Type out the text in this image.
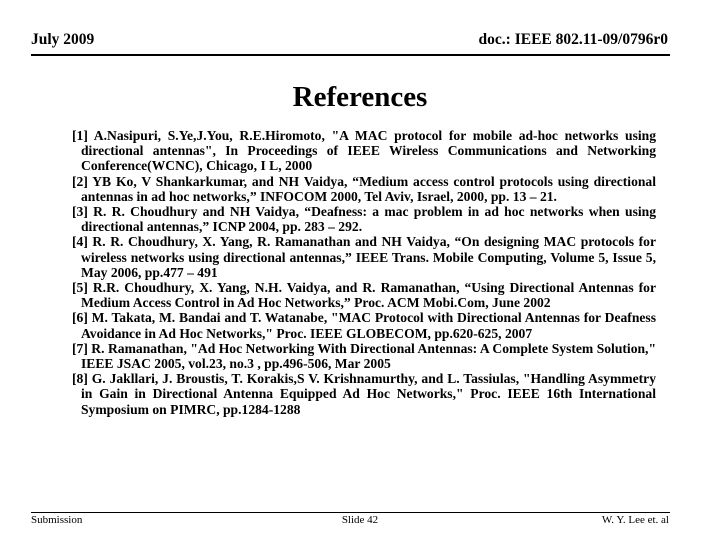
July 2009	doc.: IEEE 802.11-09/0796r0
References
[1] A.Nasipuri, S.Ye,J.You, R.E.Hiromoto, "A MAC protocol for mobile ad-hoc networks using directional antennas", In Proceedings of IEEE Wireless Communications and Networking Conference(WCNC), Chicago, I L, 2000
[2] YB Ko, V Shankarkumar, and NH Vaidya, “Medium access control protocols using directional antennas in ad hoc networks,” INFOCOM 2000, Tel Aviv, Israel, 2000, pp. 13 – 21.
[3] R. R. Choudhury and NH Vaidya, “Deafness: a mac problem in ad hoc networks when using directional antennas,” ICNP 2004, pp. 283 – 292.
[4] R. R. Choudhury, X. Yang, R. Ramanathan and NH Vaidya, “On designing MAC protocols for wireless networks using directional antennas,” IEEE Trans. Mobile Computing, Volume 5, Issue 5, May 2006, pp.477 – 491
[5] R.R. Choudhury, X. Yang, N.H. Vaidya, and R. Ramanathan, “Using Directional Antennas for Medium Access Control in Ad Hoc Networks,” Proc. ACM Mobi.Com, June 2002
[6] M. Takata, M. Bandai and T. Watanabe, "MAC Protocol with Directional Antennas for Deafness Avoidance in Ad Hoc Networks," Proc. IEEE GLOBECOM, pp.620-625, 2007
[7] R. Ramanathan, "Ad Hoc Networking With Directional Antennas: A Complete System Solution," IEEE JSAC 2005, vol.23, no.3 , pp.496-506, Mar 2005
[8] G. Jakllari, J. Broustis, T. Korakis,S V. Krishnamurthy, and L. Tassiulas, "Handling Asymmetry in Gain in Directional Antenna Equipped Ad Hoc Networks," Proc. IEEE 16th International Symposium on PIMRC, pp.1284-1288
Submission	Slide 42	W. Y. Lee et. al
